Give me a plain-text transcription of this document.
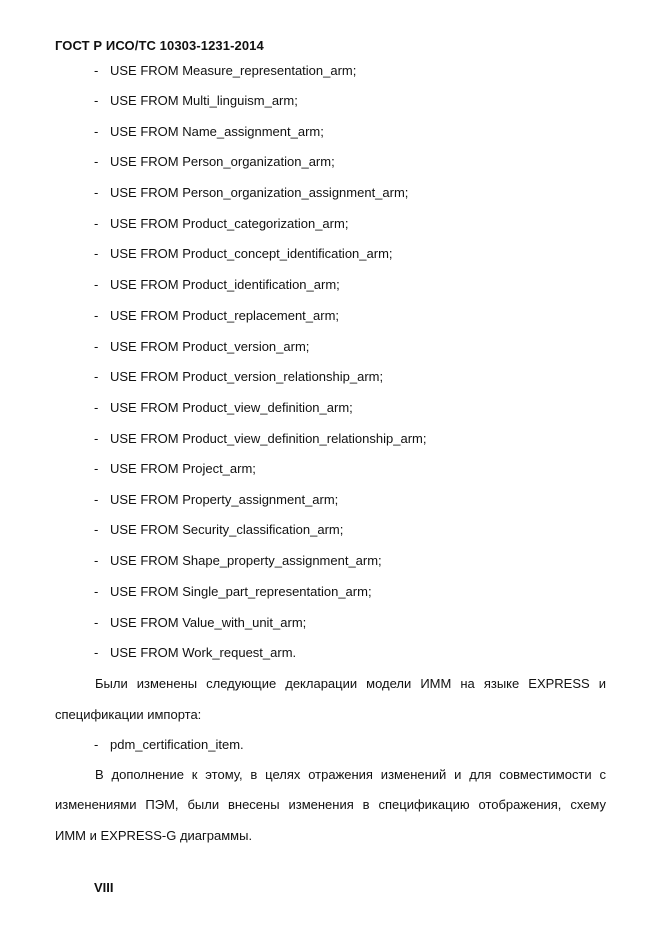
ГОСТ Р ИСО/ТС 10303-1231-2014
- USE FROM Measure_representation_arm;
- USE FROM Multi_linguism_arm;
- USE FROM Name_assignment_arm;
- USE FROM Person_organization_arm;
- USE FROM Person_organization_assignment_arm;
- USE FROM Product_categorization_arm;
- USE FROM Product_concept_identification_arm;
- USE FROM Product_identification_arm;
- USE FROM Product_replacement_arm;
- USE FROM Product_version_arm;
- USE FROM Product_version_relationship_arm;
- USE FROM Product_view_definition_arm;
- USE FROM Product_view_definition_relationship_arm;
- USE FROM Project_arm;
- USE FROM Property_assignment_arm;
- USE FROM Security_classification_arm;
- USE FROM Shape_property_assignment_arm;
- USE FROM Single_part_representation_arm;
- USE FROM Value_with_unit_arm;
- USE FROM Work_request_arm.
Были изменены следующие декларации модели ИММ на языке EXPRESS и
спецификации импорта:
- pdm_certification_item.
В дополнение к этому, в целях отражения изменений и для совместимости с
изменениями ПЭМ, были внесены изменения в спецификацию отображения, схему
ИММ и EXPRESS-G диаграммы.
VIII
